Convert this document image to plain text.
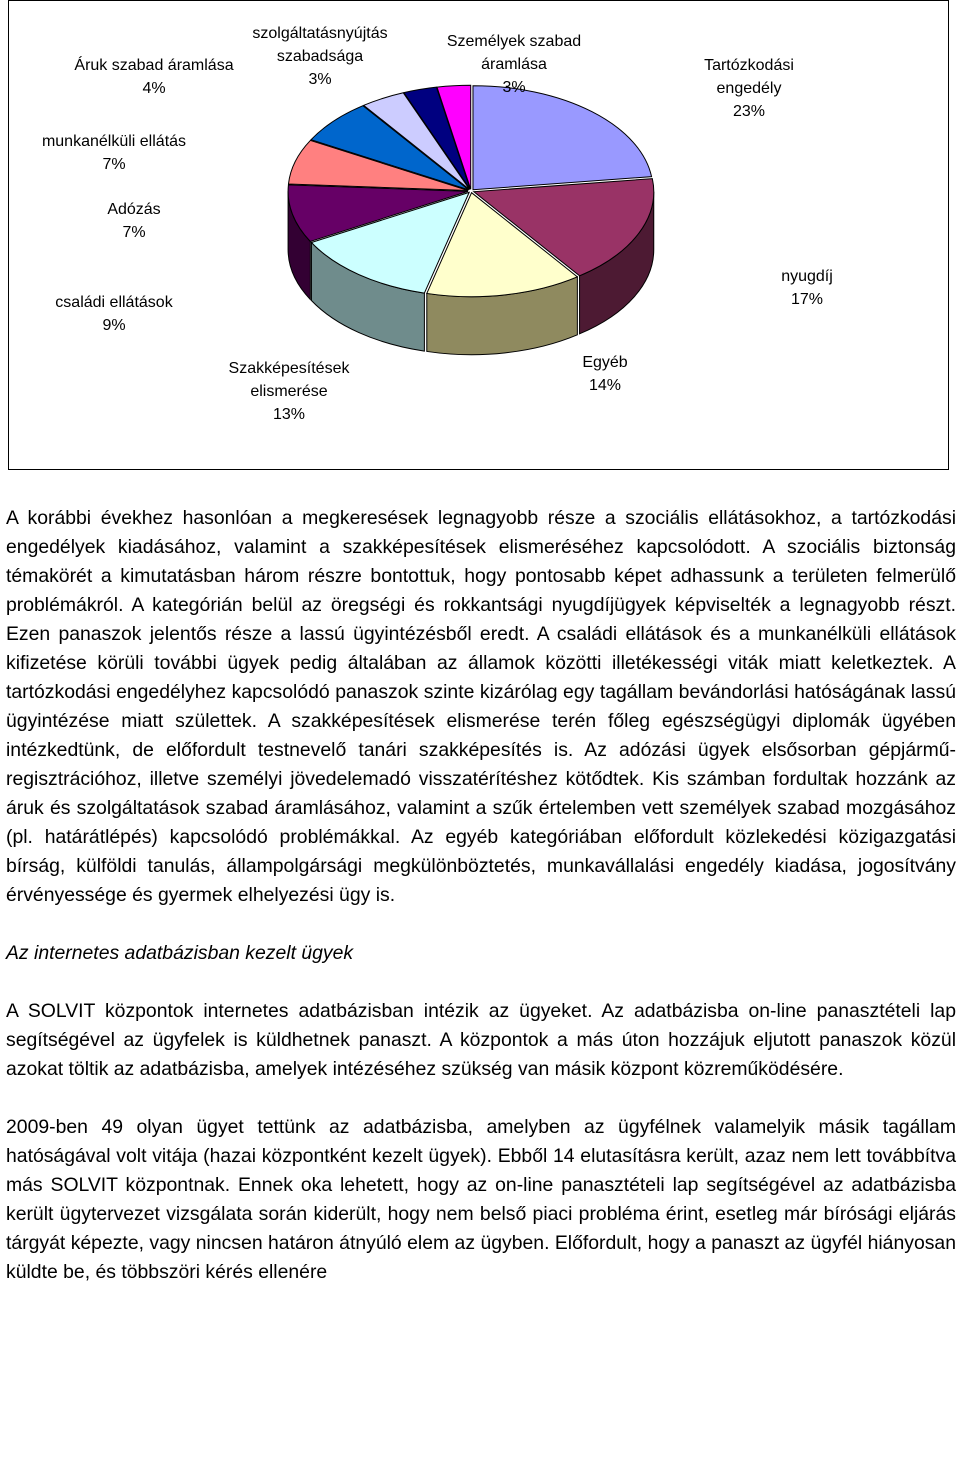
Tartózkodási
engedély
23%
nyugdíj
17%
Egyéb
14%
Szakképesítések
elismerése
13%
családi ellátások
9%
Adózás
7%
munkanélküli ellátás
7%
Áruk szabad áramlása
4%
szolgáltatásnyújtás
szabadsága
3%
Személyek szabad
áramlása
3%

A korábbi évekhez hasonlóan a megkeresések legnagyobb része a szociális ellátásokhoz, a tartózkodási engedélyek kiadásához, valamint a szakképesítések elismeréséhez kapcsolódott. A szociális biztonság témakörét a kimutatásban három részre bontottuk, hogy pontosabb képet adhassunk a területen felmerülő problémákról. A kategórián belül az öregségi és rokkantsági nyugdíjügyek képviselték a legnagyobb részt. Ezen panaszok jelentős része a lassú ügyintézésből eredt. A családi ellátások és a munkanélküli ellátások kifizetése körüli további ügyek pedig általában az államok közötti illetékességi viták miatt keletkeztek. A tartózkodási engedélyhez kapcsolódó panaszok szinte kizárólag egy tagállam bevándorlási hatóságának lassú ügyintézése miatt születtek. A szakképesítések elismerése terén főleg egészségügyi diplomák ügyében intézkedtünk, de előfordult testnevelő tanári szakképesítés is. Az adózási ügyek elsősorban gépjármű-regisztrációhoz, illetve személyi jövedelemadó visszatérítéshez kötődtek. Kis számban fordultak hozzánk az áruk és szolgáltatások szabad áramlásához, valamint a szűk értelemben vett személyek szabad mozgásához (pl. határátlépés) kapcsolódó problémákkal. Az egyéb kategóriában előfordult közlekedési közigazgatási bírság, külföldi tanulás, állampolgársági megkülönböztetés, munkavállalási engedély kiadása, jogosítvány érvényessége és gyermek elhelyezési ügy is.

Az internetes adatbázisban kezelt ügyek

A SOLVIT központok internetes adatbázisban intézik az ügyeket. Az adatbázisba on-line panasztételi lap segítségével az ügyfelek is küldhetnek panaszt. A központok a más úton hozzájuk eljutott panaszok közül azokat töltik az adatbázisba, amelyek intézéséhez szükség van másik központ közreműködésére.

2009-ben 49 olyan ügyet tettünk az adatbázisba, amelyben az ügyfélnek valamelyik másik tagállam hatóságával volt vitája (hazai központként kezelt ügyek). Ebből 14 elutasításra került, azaz nem lett továbbítva más SOLVIT központnak. Ennek oka lehetett, hogy az on-line panasztételi lap segítségével az adatbázisba került ügytervezet vizsgálata során kiderült, hogy nem belső piaci probléma érint, esetleg már bírósági eljárás tárgyát képezte, vagy nincsen határon átnyúló elem az ügyben. Előfordult, hogy a panaszt az ügyfél hiányosan küldte be, és többszöri kérés ellenére
